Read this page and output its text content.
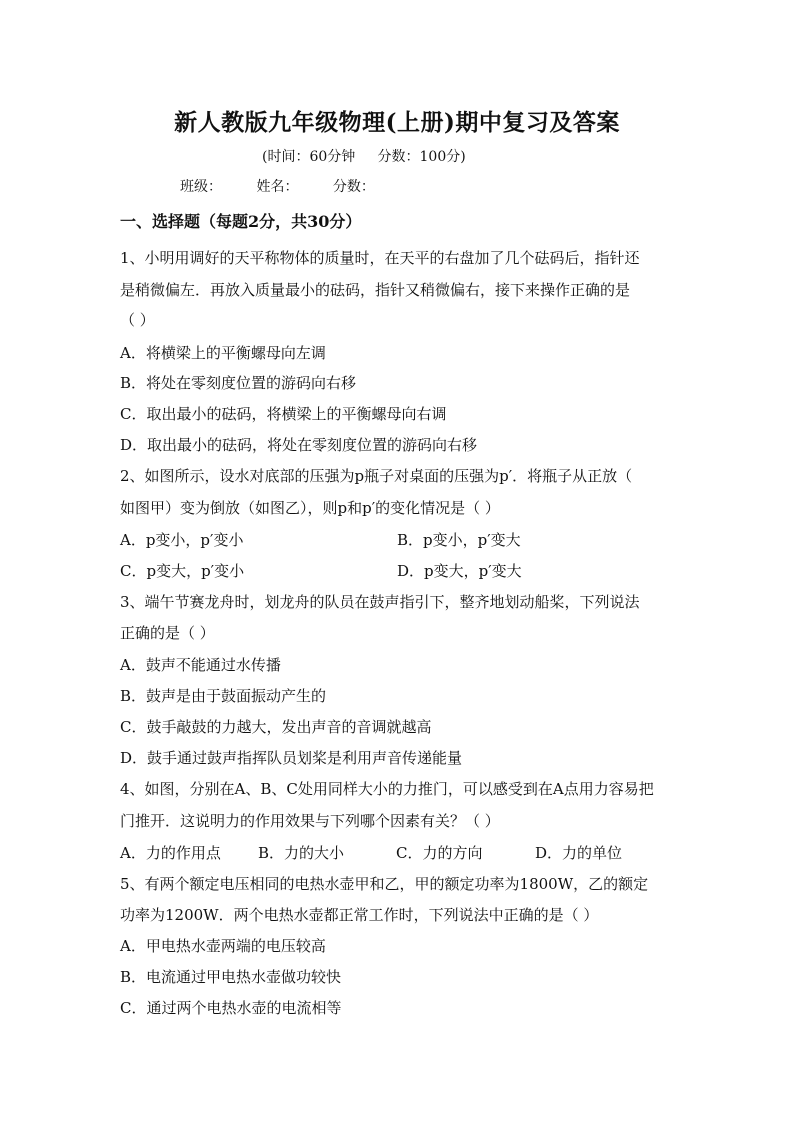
新人教版九年级物理(上册)期中复习及答案
(时间：60分钟     分数：100分)
班级： 姓名： 分数：
一、选择题（每题2分，共30分）
1、小明用调好的天平称物体的质量时，在天平的右盘加了几个砝码后，指针还
是稍微偏左．再放入质量最小的砝码，指针又稍微偏右，接下来操作正确的是
（ ）
A．将横梁上的平衡螺母向左调
B．将处在零刻度位置的游码向右移
C．取出最小的砝码，将横梁上的平衡螺母向右调
D．取出最小的砝码，将处在零刻度位置的游码向右移
2、如图所示，设水对底部的压强为p瓶子对桌面的压强为p′．将瓶子从正放（
如图甲）变为倒放（如图乙），则p和p′的变化情况是（ ）
A．p变小，p′变小	B．p变小，p′变大
C．p变大，p′变小	D．p变大，p′变大
3、端午节赛龙舟时，划龙舟的队员在鼓声指引下，整齐地划动船桨，下列说法
正确的是（ ）
A．鼓声不能通过水传播
B．鼓声是由于鼓面振动产生的
C．鼓手敲鼓的力越大，发出声音的音调就越高
D．鼓手通过鼓声指挥队员划桨是利用声音传递能量
4、如图，分别在A、B、C处用同样大小的力推门，可以感受到在A点用力容易把
门推开．这说明力的作用效果与下列哪个因素有关？（ ）
A．力的作用点 B．力的大小	C．力的方向	D．力的单位
5、有两个额定电压相同的电热水壶甲和乙，甲的额定功率为1800W，乙的额定
功率为1200W．两个电热水壶都正常工作时，下列说法中正确的是（ ）
A．甲电热水壶两端的电压较高
B．电流通过甲电热水壶做功较快
C．通过两个电热水壶的电流相等
